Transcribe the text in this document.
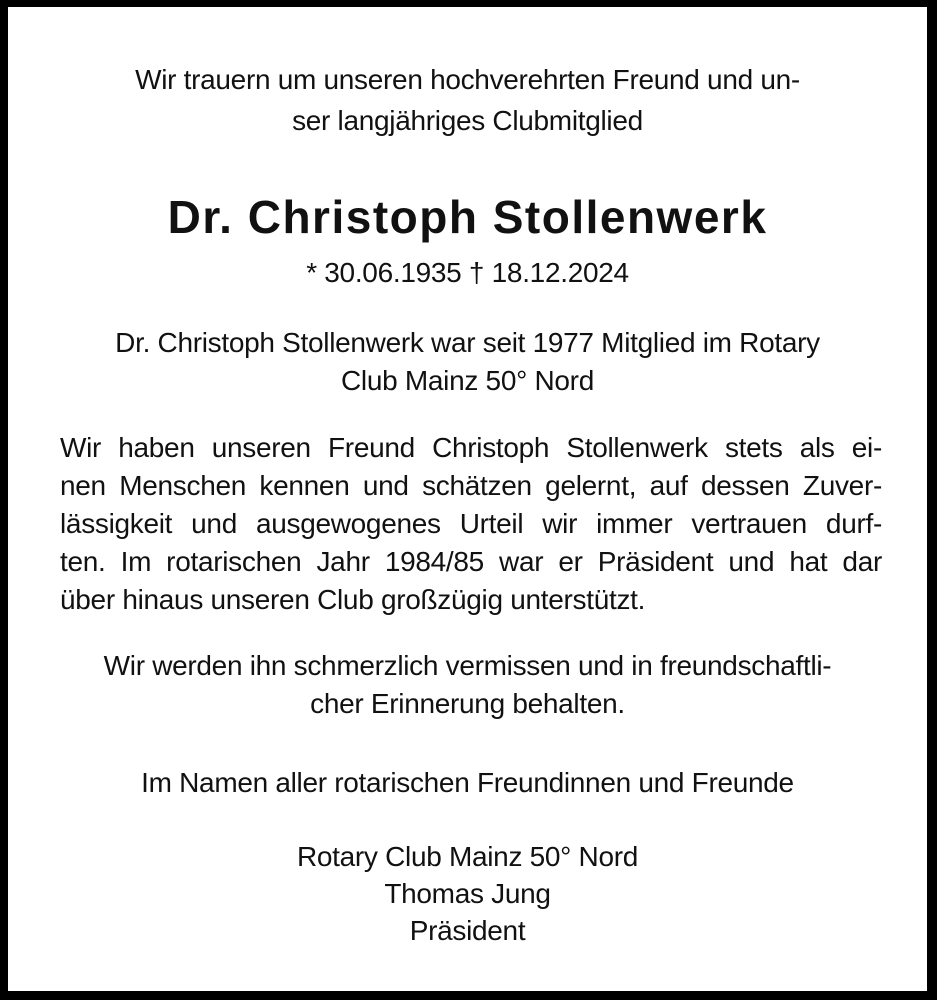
Wir trauern um unseren hochverehrten Freund und un-
ser langjähriges Clubmitglied
Dr. Christoph Stollenwerk
* 30.06.1935 † 18.12.2024
Dr. Christoph Stollenwerk war seit 1977 Mitglied im Rotary
Club Mainz 50° Nord
Wir haben unseren Freund Christoph Stollenwerk stets als ei-
nen Menschen kennen und schätzen gelernt, auf dessen Zuver-
lässigkeit und ausgewogenes Urteil wir immer vertrauen durf-
ten. Im rotarischen Jahr 1984/85 war er Präsident und hat dar
über hinaus unseren Club großzügig unterstützt.
Wir werden ihn schmerzlich vermissen und in freundschaftli-
cher Erinnerung behalten.
Im Namen aller rotarischen Freundinnen und Freunde
Rotary Club Mainz 50° Nord
Thomas Jung
Präsident
